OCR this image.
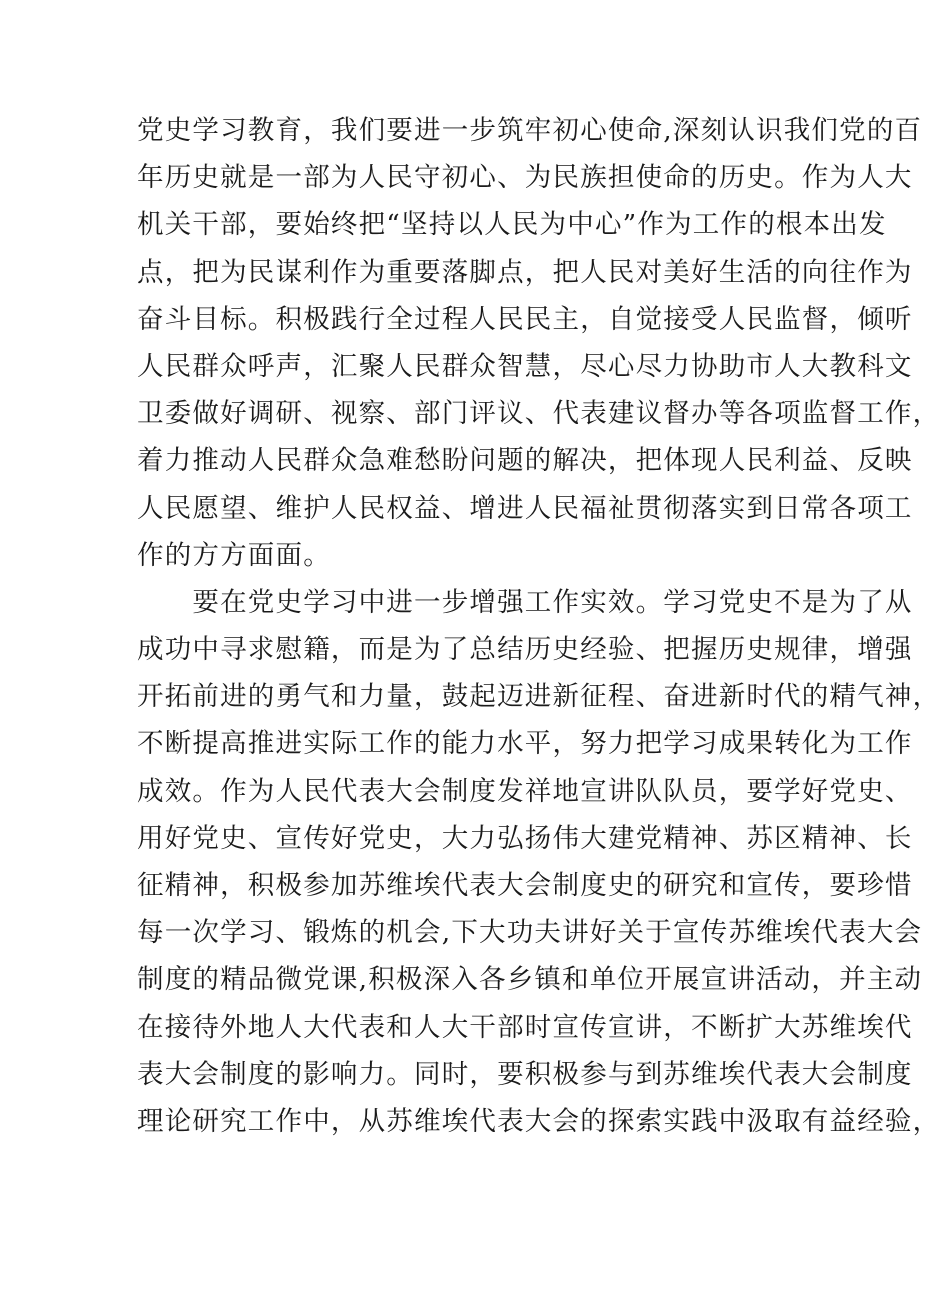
党史学习教育，我们要进一步筑牢初心使命,深刻认识我们党的百
年历史就是一部为人民守初心、为民族担使命的历史。作为人大
机关干部，要始终把“坚持以人民为中心”作为工作的根本出发
点，把为民谋利作为重要落脚点，把人民对美好生活的向往作为
奋斗目标。积极践行全过程人民民主，自觉接受人民监督，倾听
人民群众呼声，汇聚人民群众智慧，尽心尽力协助市人大教科文
卫委做好调研、视察、部门评议、代表建议督办等各项监督工作，
着力推动人民群众急难愁盼问题的解决，把体现人民利益、反映
人民愿望、维护人民权益、增进人民福祉贯彻落实到日常各项工
作的方方面面。
　　要在党史学习中进一步增强工作实效。学习党史不是为了从
成功中寻求慰籍，而是为了总结历史经验、把握历史规律，增强
开拓前进的勇气和力量，鼓起迈进新征程、奋进新时代的精气神，
不断提高推进实际工作的能力水平，努力把学习成果转化为工作
成效。作为人民代表大会制度发祥地宣讲队队员，要学好党史、
用好党史、宣传好党史，大力弘扬伟大建党精神、苏区精神、长
征精神，积极参加苏维埃代表大会制度史的研究和宣传，要珍惜
每一次学习、锻炼的机会,下大功夫讲好关于宣传苏维埃代表大会
制度的精品微党课,积极深入各乡镇和单位开展宣讲活动，并主动
在接待外地人大代表和人大干部时宣传宣讲，不断扩大苏维埃代
表大会制度的影响力。同时，要积极参与到苏维埃代表大会制度
理论研究工作中，从苏维埃代表大会的探索实践中汲取有益经验，
